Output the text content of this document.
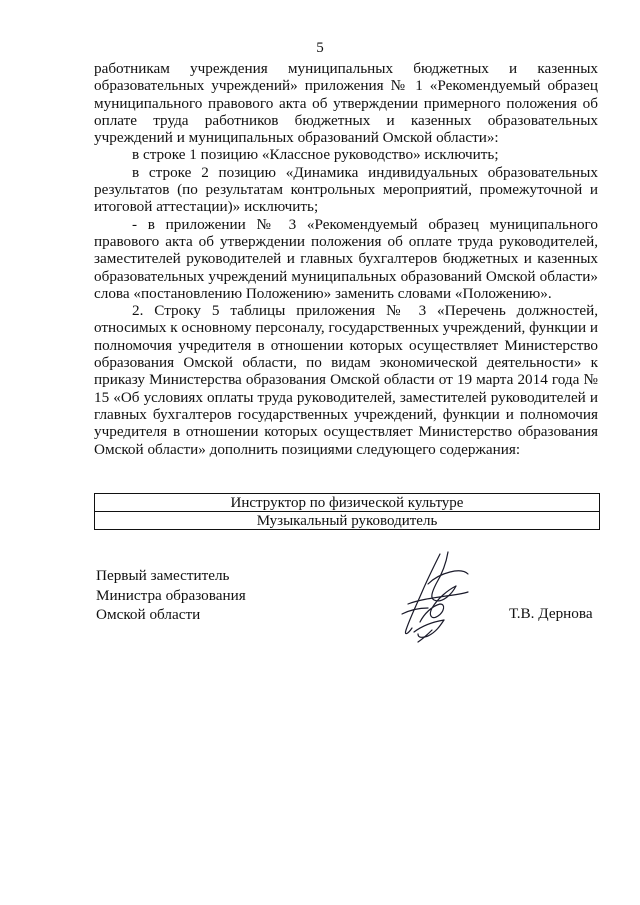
5

работникам учреждения муниципальных бюджетных и казенных образовательных учреждений» приложения № 1 «Рекомендуемый образец муниципального правового акта об утверждении примерного положения об оплате труда работников бюджетных и казенных образовательных учреждений и муниципальных образований Омской области»:

в строке 1 позицию «Классное руководство» исключить;

в строке 2 позицию «Динамика индивидуальных образовательных результатов (по результатам контрольных мероприятий, промежуточной и итоговой аттестации)» исключить;

- в приложении № 3 «Рекомендуемый образец муниципального правового акта об утверждении положения об оплате труда руководителей, заместителей руководителей и главных бухгалтеров бюджетных и казенных образовательных учреждений муниципальных образований Омской области» слова «постановлению Положению» заменить словами «Положению».

2. Строку 5 таблицы приложения № 3 «Перечень должностей, относимых к основному персоналу, государственных учреждений, функции и полномочия учредителя в отношении которых осуществляет Министерство образования Омской области, по видам экономической деятельности» к приказу Министерства образования Омской области от 19 марта 2014 года № 15 «Об условиях оплаты труда руководителей, заместителей руководителей и главных бухгалтеров государственных учреждений, функции и полномочия учредителя в отношении которых осуществляет Министерство образования Омской области» дополнить позициями следующего содержания:

Инструктор по физической культуре
Музыкальный руководитель
Первый заместитель
Министра образования
Омской области	Т.В. Дернова
